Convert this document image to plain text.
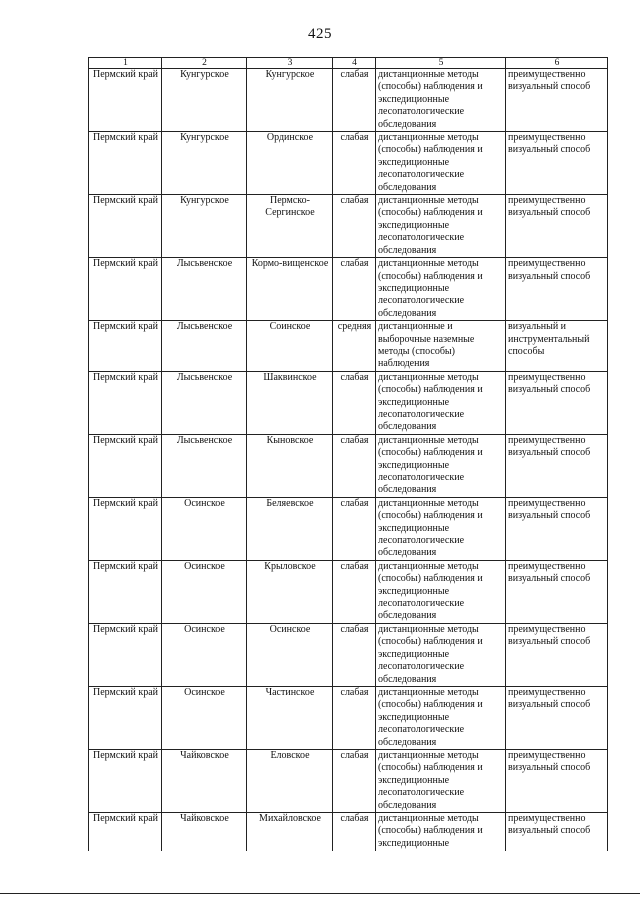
425
1	2	3	4	5	6
Пермский край	Кунгурское	Кунгурское	слабая	дистанционные методы (способы) наблюдения и экспедиционные лесопатологические обследования	преимущественно визуальный способ
Пермский край	Кунгурское	Ординское	слабая	дистанционные методы (способы) наблюдения и экспедиционные лесопатологические обследования	преимущественно визуальный способ
Пермский край	Кунгурское	Пермско-Сергинское	слабая	дистанционные методы (способы) наблюдения и экспедиционные лесопатологические обследования	преимущественно визуальный способ
Пермский край	Лысьвенское	Кормо-вищенское	слабая	дистанционные методы (способы) наблюдения и экспедиционные лесопатологические обследования	преимущественно визуальный способ
Пермский край	Лысьвенское	Соинское	средняя	дистанционные и выборочные наземные методы (способы) наблюдения	визуальный и инструментальный способы
Пермский край	Лысьвенское	Шаквинское	слабая	дистанционные методы (способы) наблюдения и экспедиционные лесопатологические обследования	преимущественно визуальный способ
Пермский край	Лысьвенское	Кыновское	слабая	дистанционные методы (способы) наблюдения и экспедиционные лесопатологические обследования	преимущественно визуальный способ
Пермский край	Осинское	Беляевское	слабая	дистанционные методы (способы) наблюдения и экспедиционные лесопатологические обследования	преимущественно визуальный способ
Пермский край	Осинское	Крыловское	слабая	дистанционные методы (способы) наблюдения и экспедиционные лесопатологические обследования	преимущественно визуальный способ
Пермский край	Осинское	Осинское	слабая	дистанционные методы (способы) наблюдения и экспедиционные лесопатологические обследования	преимущественно визуальный способ
Пермский край	Осинское	Частинское	слабая	дистанционные методы (способы) наблюдения и экспедиционные лесопатологические обследования	преимущественно визуальный способ
Пермский край	Чайковское	Еловское	слабая	дистанционные методы (способы) наблюдения и экспедиционные лесопатологические обследования	преимущественно визуальный способ
Пермский край	Чайковское	Михайловское	слабая	дистанционные методы (способы) наблюдения и экспедиционные	преимущественно визуальный способ
